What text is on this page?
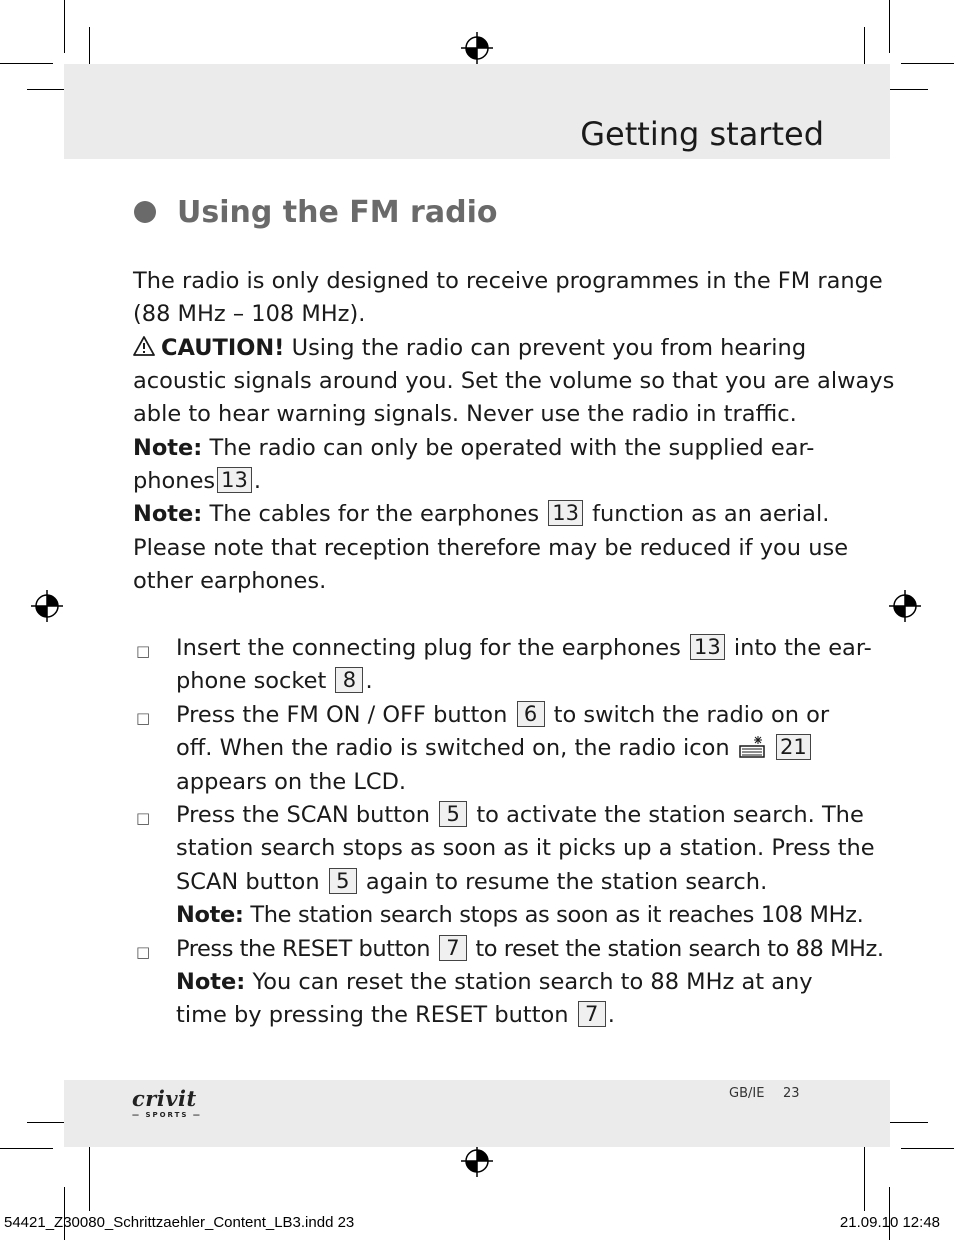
Getting started
Using the FM radio
The radio is only designed to receive programmes in the FM range
(88 MHz – 108 MHz).
CAUTION! Using the radio can prevent you from hearing
acoustic signals around you. Set the volume so that you are always
able to hear warning signals. Never use the radio in traffic.
Note: The radio can only be operated with the supplied ear-
phones 13 .
Note: The cables for the earphones 13 function as an aerial.
Please note that reception therefore may be reduced if you use
other earphones.
□ Insert the connecting plug for the earphones 13 into the ear-
phone socket 8 .
□ Press the FM ON / OFF button 6 to switch the radio on or
off. When the radio is switched on, the radio icon 21
appears on the LCD.
□ Press the SCAN button 5 to activate the station search. The
station search stops as soon as it picks up a station. Press the
SCAN button 5 again to resume the station search.
Note: The station search stops as soon as it reaches 108 MHz.
□ Press the RESET button 7 to reset the station search to 88 MHz.
Note: You can reset the station search to 88 MHz at any
time by pressing the RESET button 7 .
crivit
— SPORTS —
GB/IE 23
54421_Z30080_Schrittzaehler_Content_LB3.indd 23	21.09.10 12:48
